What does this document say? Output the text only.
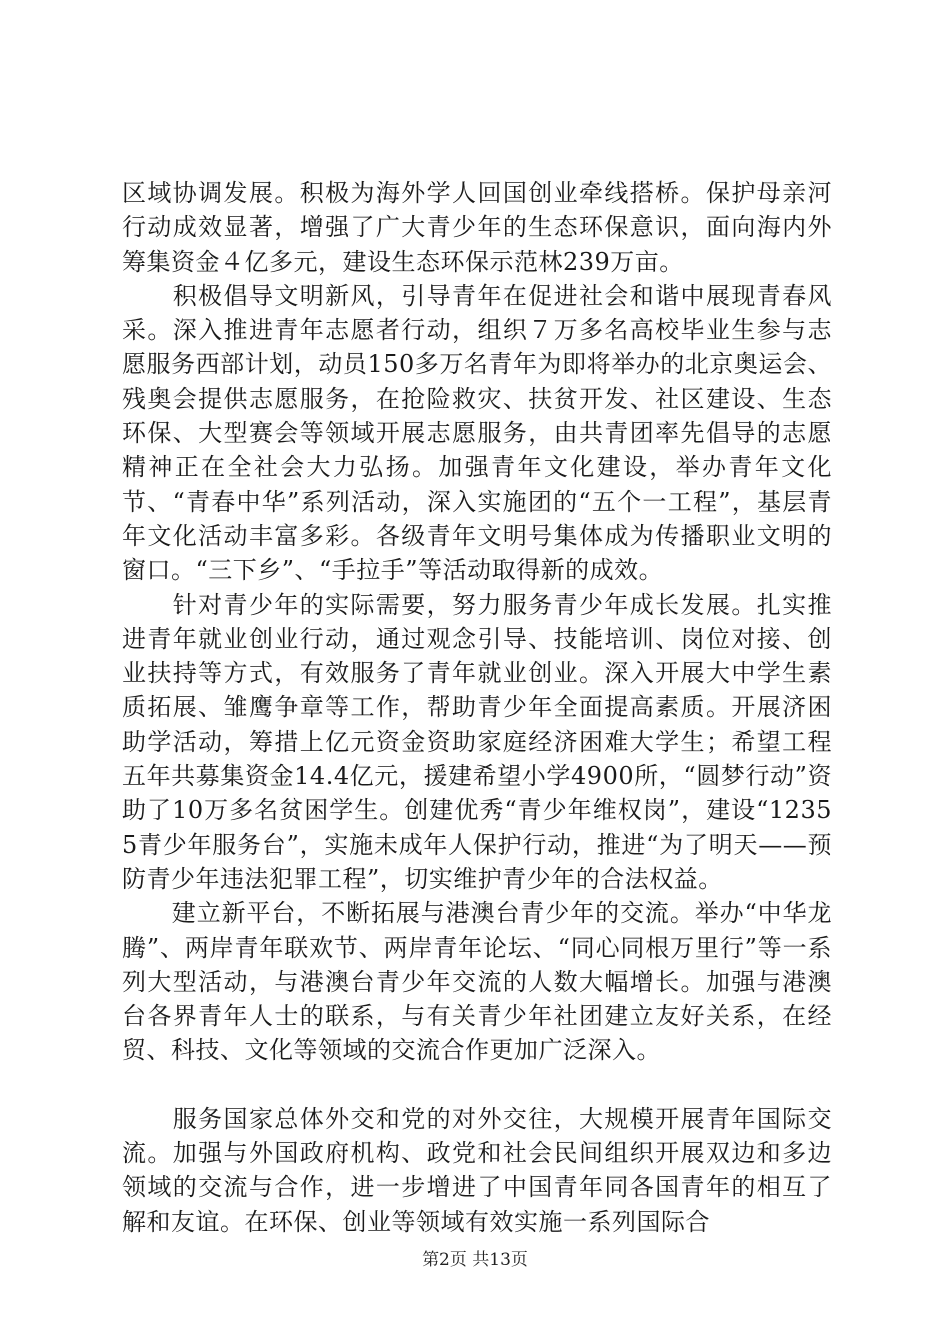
区域协调发展。积极为海外学人回国创业牵线搭桥。保护母亲河行动成效显著，增强了广大青少年的生态环保意识，面向海内外筹集资金４亿多元，建设生态环保示范林239万亩。

　　积极倡导文明新风，引导青年在促进社会和谐中展现青春风采。深入推进青年志愿者行动，组织７万多名高校毕业生参与志愿服务西部计划，动员150多万名青年为即将举办的北京奥运会、残奥会提供志愿服务，在抢险救灾、扶贫开发、社区建设、生态环保、大型赛会等领域开展志愿服务，由共青团率先倡导的志愿精神正在全社会大力弘扬。加强青年文化建设，举办青年文化节、“青春中华”系列活动，深入实施团的“五个一工程”，基层青年文化活动丰富多彩。各级青年文明号集体成为传播职业文明的窗口。“三下乡”、“手拉手”等活动取得新的成效。

　　针对青少年的实际需要，努力服务青少年成长发展。扎实推进青年就业创业行动，通过观念引导、技能培训、岗位对接、创业扶持等方式，有效服务了青年就业创业。深入开展大中学生素质拓展、雏鹰争章等工作，帮助青少年全面提高素质。开展济困助学活动，筹措上亿元资金资助家庭经济困难大学生；希望工程五年共募集资金14.4亿元，援建希望小学4900所，“圆梦行动”资助了10万多名贫困学生。创建优秀“青少年维权岗”，建设“12355青少年服务台”，实施未成年人保护行动，推进“为了明天——预防青少年违法犯罪工程”，切实维护青少年的合法权益。

　　建立新平台，不断拓展与港澳台青少年的交流。举办“中华龙腾”、两岸青年联欢节、两岸青年论坛、“同心同根万里行”等一系列大型活动，与港澳台青少年交流的人数大幅增长。加强与港澳台各界青年人士的联系，与有关青少年社团建立友好关系，在经贸、科技、文化等领域的交流合作更加广泛深入。

　　服务国家总体外交和党的对外交往，大规模开展青年国际交流。加强与外国政府机构、政党和社会民间组织开展双边和多边领域的交流与合作，进一步增进了中国青年同各国青年的相互了解和友谊。在环保、创业等领域有效实施一系列国际合

第2页 共13页
